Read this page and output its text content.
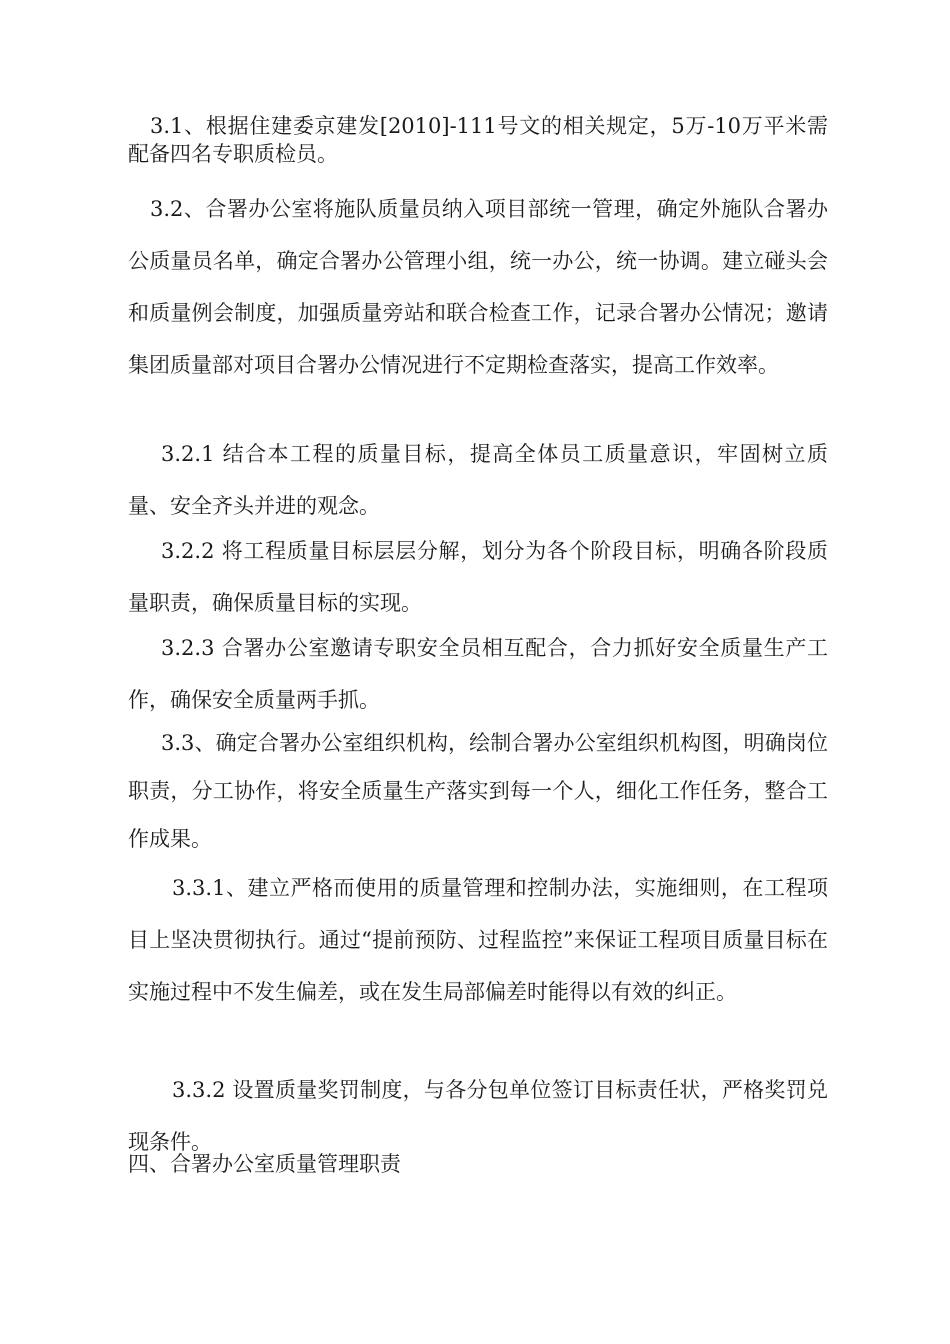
3.1、根据住建委京建发[2010]-111号文的相关规定，5万-10万平米需配备四名专职质检员。

3.2、合署办公室将施队质量员纳入项目部统一管理，确定外施队合署办公质量员名单，确定合署办公管理小组，统一办公，统一协调。建立碰头会和质量例会制度，加强质量旁站和联合检查工作，记录合署办公情况；邀请集团质量部对项目合署办公情况进行不定期检查落实，提高工作效率。

3.2.1 结合本工程的质量目标，提高全体员工质量意识，牢固树立质量、安全齐头并进的观念。

3.2.2 将工程质量目标层层分解，划分为各个阶段目标，明确各阶段质量职责，确保质量目标的实现。

3.2.3 合署办公室邀请专职安全员相互配合，合力抓好安全质量生产工作，确保安全质量两手抓。

3.3、确定合署办公室组织机构，绘制合署办公室组织机构图，明确岗位职责，分工协作，将安全质量生产落实到每一个人，细化工作任务，整合工作成果。

3.3.1、建立严格而使用的质量管理和控制办法，实施细则，在工程项目上坚决贯彻执行。通过“提前预防、过程监控”来保证工程项目质量目标在实施过程中不发生偏差，或在发生局部偏差时能得以有效的纠正。

3.3.2 设置质量奖罚制度，与各分包单位签订目标责任状，严格奖罚兑现条件。

四、合署办公室质量管理职责
